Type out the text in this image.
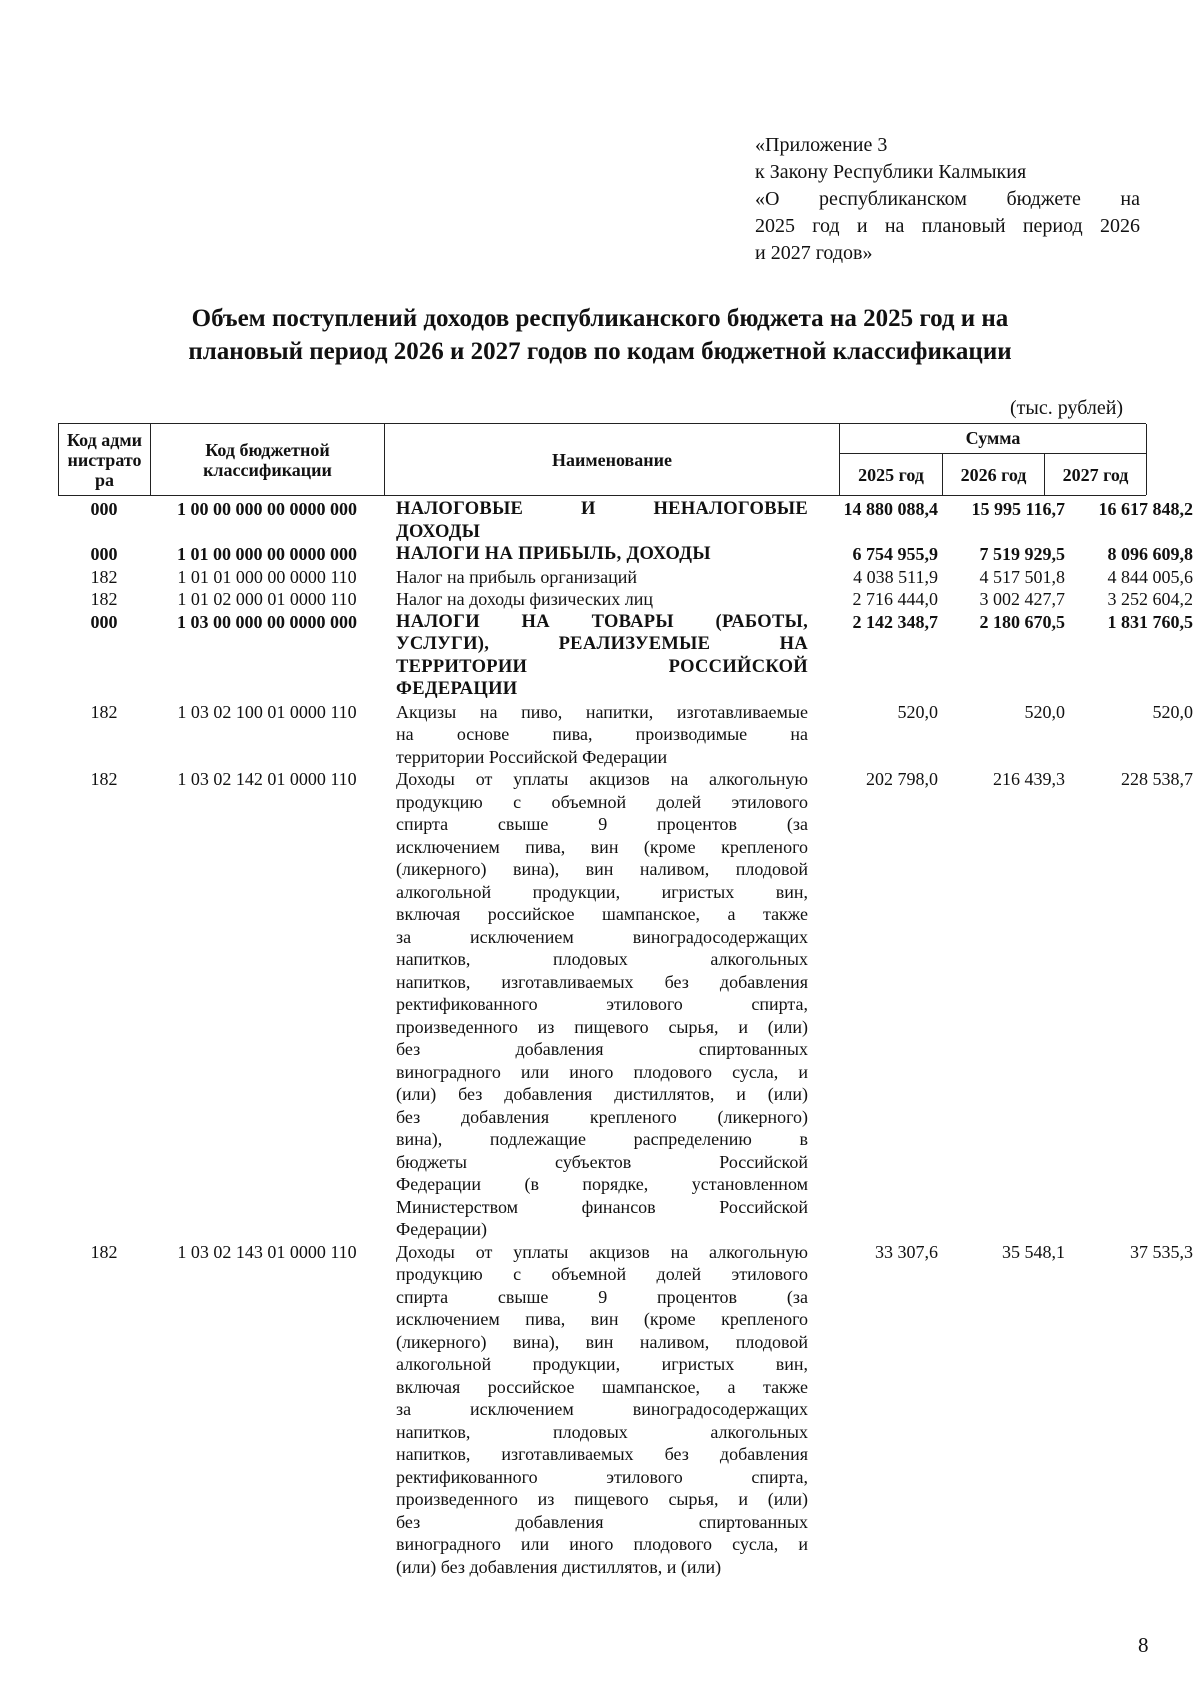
«Приложение 3
к Закону Республики Калмыкия
«О республиканском бюджете на
2025 год и на плановый период 2026
и 2027 годов»
Объем поступлений доходов республиканского бюджета на 2025 год и на
плановый период 2026 и 2027 годов по кодам бюджетной классификации
(тыс. рублей)
Код администратора
Код бюджетной классификации	Наименование
Сумма
2025 год	2026 год	2027 год
000	1 00 00 000 00 0000 000	НАЛОГОВЫЕ И НЕНАЛОГОВЫЕ
ДОХОДЫ
14 880 088,4	15 995 116,7	16 617 848,2
000	1 01 00 000 00 0000 000	НАЛОГИ НА ПРИБЫЛЬ, ДОХОДЫ	6 754 955,9	7 519 929,5	8 096 609,8
182	1 01 01 000 00 0000 110	Налог на прибыль организаций	4 038 511,9	4 517 501,8	4 844 005,6
182	1 01 02 000 01 0000 110	Налог на доходы физических лиц	2 716 444,0	3 002 427,7	3 252 604,2
000	1 03 00 000 00 0000 000	НАЛОГИ НА ТОВАРЫ (РАБОТЫ,
УСЛУГИ), РЕАЛИЗУЕМЫЕ НА
ТЕРРИТОРИИ РОССИЙСКОЙ
ФЕДЕРАЦИИ
2 142 348,7	2 180 670,5	1 831 760,5
182	1 03 02 100 01 0000 110	Акцизы на пиво, напитки, изготавливаемые
на основе пива, производимые на
территории Российской Федерации
520,0	520,0	520,0
182	1 03 02 142 01 0000 110	Доходы от уплаты акцизов на алкогольную
продукцию с объемной долей этилового
спирта свыше 9 процентов (за
исключением пива, вин (кроме крепленого
(ликерного) вина), вин наливом, плодовой
алкогольной продукции, игристых вин,
включая российское шампанское, а также
за исключением виноградосодержащих
напитков, плодовых алкогольных
напитков, изготавливаемых без добавления
ректификованного этилового спирта,
произведенного из пищевого сырья, и (или)
без добавления спиртованных
виноградного или иного плодового сусла, и
(или) без добавления дистиллятов, и (или)
без добавления крепленого (ликерного)
вина), подлежащие распределению в
бюджеты субъектов Российской
Федерации (в порядке, установленном
Министерством финансов Российской
Федерации)
202 798,0	216 439,3	228 538,7
182	1 03 02 143 01 0000 110	Доходы от уплаты акцизов на алкогольную
продукцию с объемной долей этилового
спирта свыше 9 процентов (за
исключением пива, вин (кроме крепленого
(ликерного) вина), вин наливом, плодовой
алкогольной продукции, игристых вин,
включая российское шампанское, а также
за исключением виноградосодержащих
напитков, плодовых алкогольных
напитков, изготавливаемых без добавления
ректификованного этилового спирта,
произведенного из пищевого сырья, и (или)
без добавления спиртованных
виноградного или иного плодового сусла, и
(или) без добавления дистиллятов, и (или)
33 307,6	35 548,1	37 535,3
8
